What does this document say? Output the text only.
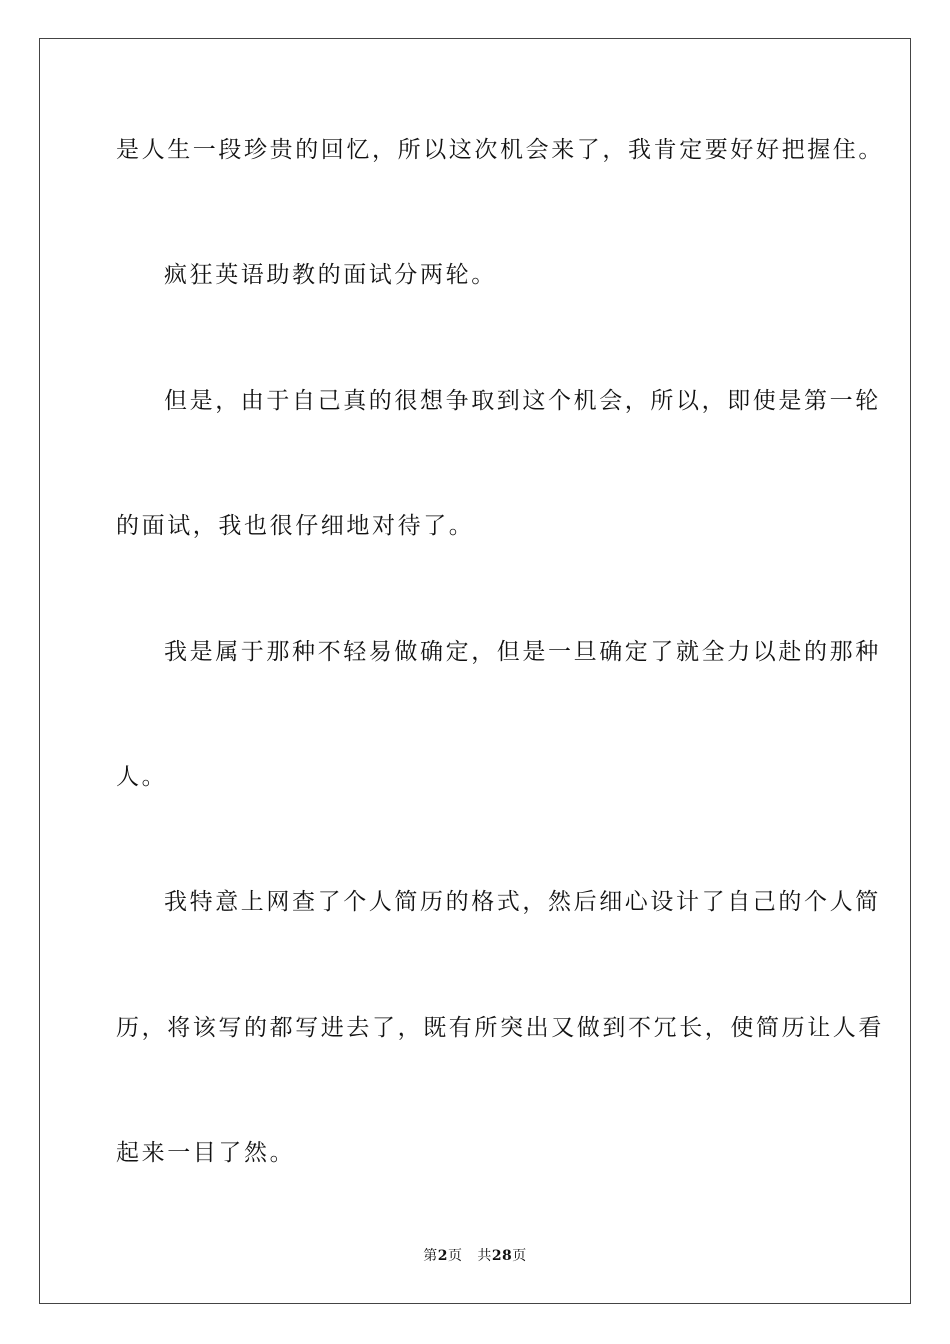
是人生一段珍贵的回忆，所以这次机会来了，我肯定要好好把握住。
疯狂英语助教的面试分两轮。
但是，由于自己真的很想争取到这个机会，所以，即使是第一轮
的面试，我也很仔细地对待了。
我是属于那种不轻易做确定，但是一旦确定了就全力以赴的那种
人。
我特意上网查了个人简历的格式，然后细心设计了自己的个人简
历，将该写的都写进去了，既有所突出又做到不冗长，使简历让人看
起来一目了然。
第2页 共28页
